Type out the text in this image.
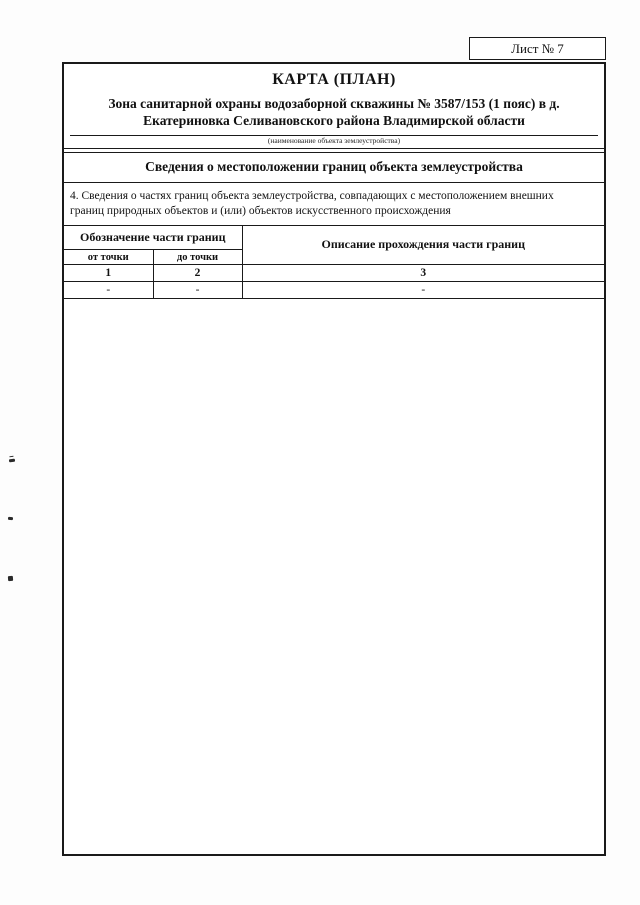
Лист № 7
КАРТА (ПЛАН)
Зона санитарной охраны водозаборной скважины № 3587/153 (1 пояс) в д.
Екатериновка Селивановского района Владимирской области
(наименование объекта землеустройства)
Сведения о местоположении границ объекта землеустройства
4. Сведения о частях границ объекта землеустройства, совпадающих с местоположением внешних
границ природных объектов и (или) объектов искусственного происхождения
Обозначение части границ		Описание прохождения части границ
от точки	до точки	
1	2	3
-	-	-
